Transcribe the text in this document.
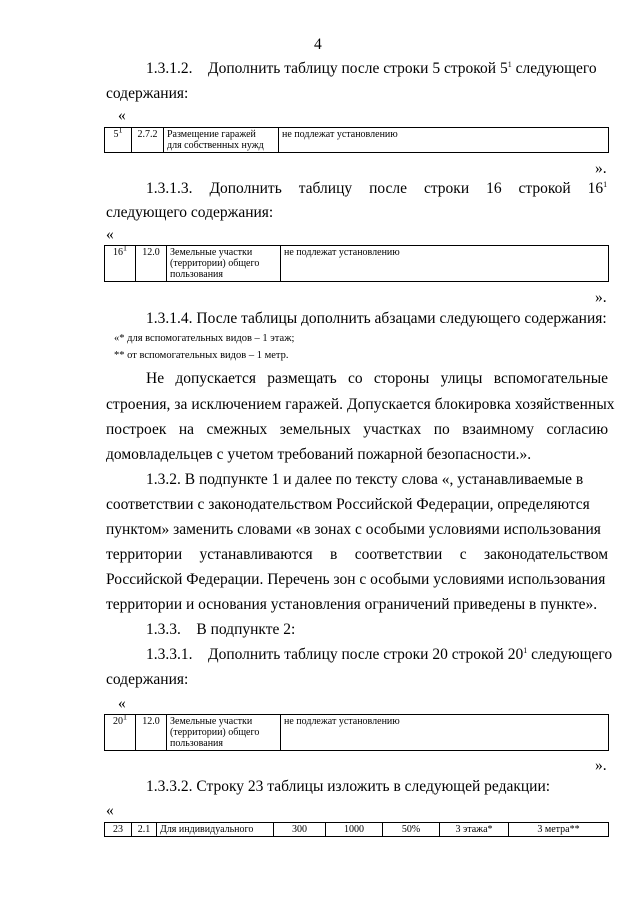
4
1.3.1.2. Дополнить таблицу после строки 5 строкой $5^1$ следующего
содержания:
«
$5^1$	2.7.2	Размещение гаражей
для собственных нужд	не подлежат установлению
».
1.3.1.3. Дополнить таблицу после строки 16 строкой $16^1$
следующего содержания:
«
$16^1$	12.0	Земельные участки
(территории) общего
пользования	не подлежат установлению
».
1.3.1.4. После таблицы дополнить абзацами следующего содержания:
«* для вспомогательных видов – 1 этаж;
** от вспомогательных видов – 1 метр.
Не допускается размещать со стороны улицы вспомогательные
строения, за исключением гаражей. Допускается блокировка хозяйственных
построек на смежных земельных участках по взаимному согласию
домовладельцев с учетом требований пожарной безопасности.».
1.3.2. В подпункте 1 и далее по тексту слова «, устанавливаемые в
соответствии с законодательством Российской Федерации, определяются
пунктом» заменить словами «в зонах с особыми условиями использования
территории устанавливаются в соответствии с законодательством
Российской Федерации. Перечень зон с особыми условиями использования
территории и основания установления ограничений приведены в пункте».
1.3.3. В подпункте 2:
1.3.3.1. Дополнить таблицу после строки 20 строкой $20^1$ следующего
содержания:
«
$20^1$	12.0	Земельные участки
(территории) общего
пользования	не подлежат установлению
».
1.3.3.2. Строку 23 таблицы изложить в следующей редакции:
«
23	2.1	Для индивидуального	300	1000	50%	3 этажа*	3 метра**
